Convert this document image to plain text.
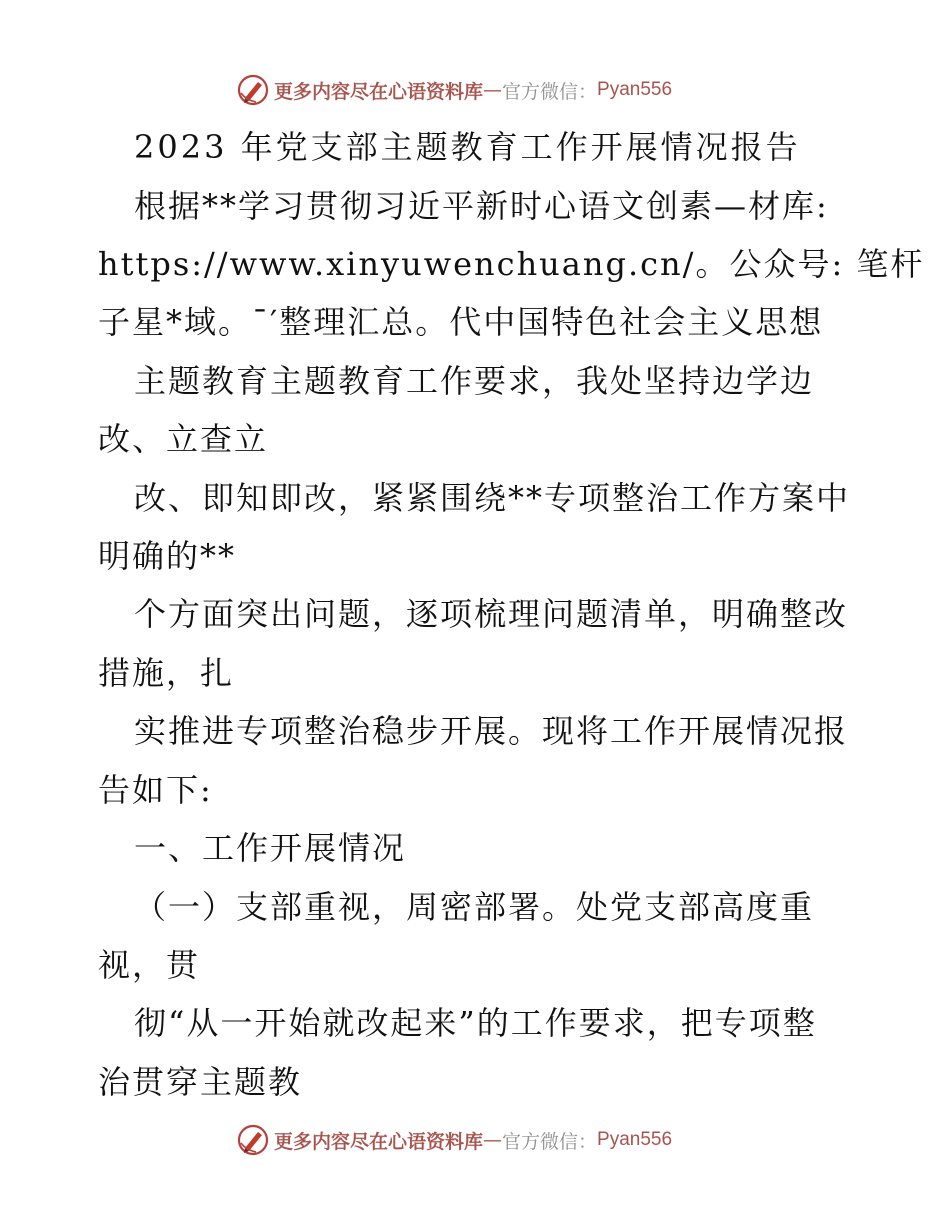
更多内容尽在心语资料库 — 官方微信： Pyan556
2023 年党支部主题教育工作开展情况报告
根据**学习贯彻习近平新时心语文创素—材库:
https://www.xinyuwenchuang.cn/。公众号: 笔杆
子星*域。¯′整理汇总。代中国特色社会主义思想
主题教育主题教育工作要求，我处坚持边学边
改、立查立
改、即知即改，紧紧围绕**专项整治工作方案中
明确的**
个方面突出问题，逐项梳理问题清单，明确整改
措施，扎
实推进专项整治稳步开展。现将工作开展情况报
告如下:
一、工作开展情况
（一）支部重视，周密部署。处党支部高度重
视，贯
彻“从一开始就改起来”的工作要求，把专项整
治贯穿主题教
更多内容尽在心语资料库 — 官方微信： Pyan556
